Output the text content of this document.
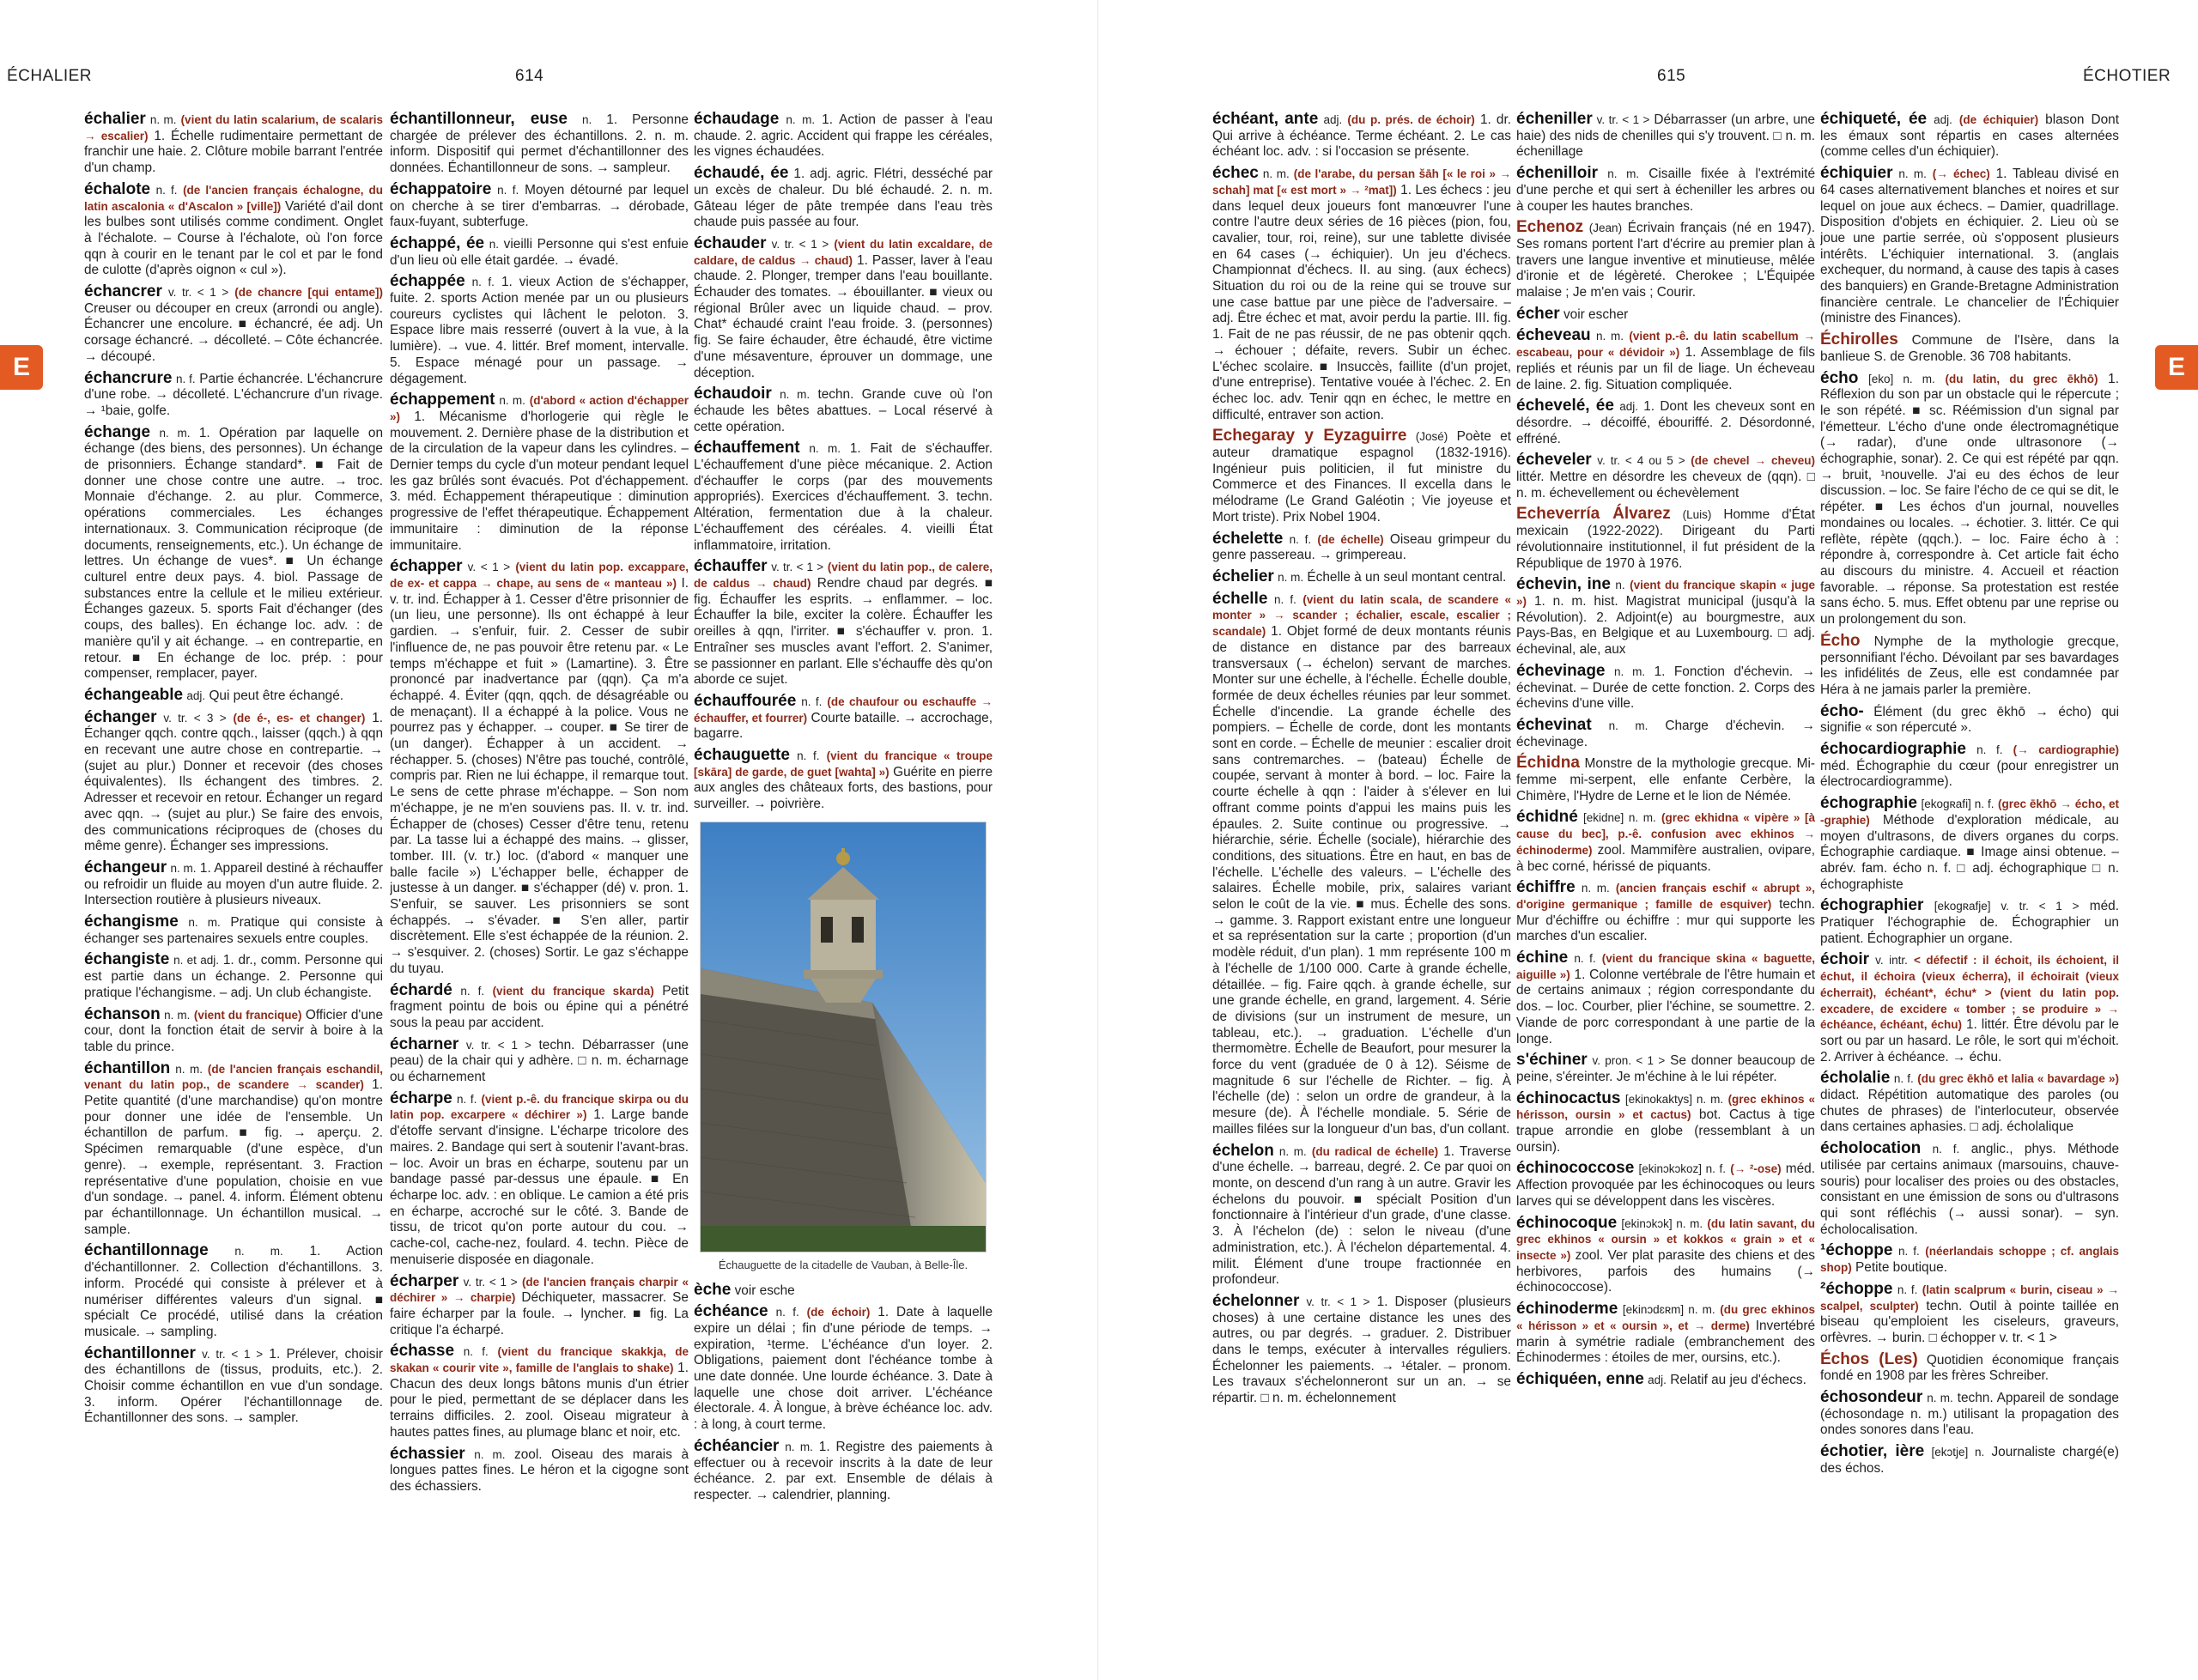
ÉCHALIER	614
E

échalier n. m. (vient du latin scalarium, de scalaris → escalier) 1. Échelle rudimentaire permettant de franchir une haie. 2. Clôture mobile barrant l'entrée d'un champ.

échalote n. f. (de l'ancien français échalogne, du latin ascalonia « d'Ascalon » [ville]) Variété d'ail dont les bulbes sont utilisés comme condiment. Onglet à l'échalote. – Course à l'échalote, où l'on force qqn à courir en le tenant par le col et par le fond de culotte (d'après oignon « cul »).

échancrer v. tr. < 1 > (de chancre [qui entame]) Creuser ou découper en creux (arrondi ou angle). Échancrer une encolure. ■ échancré, ée adj. Un corsage échancré. → décolleté. – Côte échancrée. → découpé.

échancrure n. f. Partie échancrée. L'échancrure d'une robe. → décolleté. L'échancrure d'un rivage. → ¹baie, golfe.

échange n. m. 1. Opération par laquelle on échange (des biens, des personnes). Un échange de prisonniers. Échange standard*. ■ Fait de donner une chose contre une autre. → troc. Monnaie d'échange. 2. au plur. Commerce, opérations commerciales. Les échanges internationaux. 3. Communication réciproque (de documents, renseignements, etc.). Un échange de lettres. Un échange de vues*. ■ Un échange culturel entre deux pays. 4. biol. Passage de substances entre la cellule et le milieu extérieur. Échanges gazeux. 5. sports Fait d'échanger (des coups, des balles). En échange loc. adv. : de manière qu'il y ait échange. → en contrepartie, en retour. ■ En échange de loc. prép. : pour compenser, remplacer, payer.

échangeable adj. Qui peut être échangé.

échanger v. tr. < 3 > (de é-, es- et changer) 1. Échanger qqch. contre qqch., laisser (qqch.) à qqn en recevant une autre chose en contrepartie. → (sujet au plur.) Donner et recevoir (des choses équivalentes). Ils échangent des timbres. 2. Adresser et recevoir en retour. Échanger un regard avec qqn. → (sujet au plur.) Se faire des envois, des communications réciproques de (choses du même genre). Échanger ses impressions.

échangeur n. m. 1. Appareil destiné à réchauffer ou refroidir un fluide au moyen d'un autre fluide. 2. Intersection routière à plusieurs niveaux.

échangisme n. m. Pratique qui consiste à échanger ses partenaires sexuels entre couples.

échangiste n. et adj. 1. dr., comm. Personne qui est partie dans un échange. 2. Personne qui pratique l'échangisme. – adj. Un club échangiste.

échanson n. m. (vient du francique) Officier d'une cour, dont la fonction était de servir à boire à la table du prince.

échantillon n. m. (de l'ancien français eschandil, venant du latin pop., de scandere → scander) 1. Petite quantité (d'une marchandise) qu'on montre pour donner une idée de l'ensemble. Un échantillon de parfum. ■ fig. → aperçu. 2. Spécimen remarquable (d'une espèce, d'un genre). → exemple, représentant. 3. Fraction représentative d'une population, choisie en vue d'un sondage. → panel. 4. inform. Élément obtenu par échantillonnage. Un échantillon musical. → sample.

échantillonnage n. m. 1. Action d'échantillonner. 2. Collection d'échantillons. 3. inform. Procédé qui consiste à prélever et à numériser différentes valeurs d'un signal. ■ spécialt Ce procédé, utilisé dans la création musicale. → sampling.

échantillonner v. tr. < 1 > 1. Prélever, choisir des échantillons de (tissus, produits, etc.). 2. Choisir comme échantillon en vue d'un sondage. 3. inform. Opérer l'échantillonnage de. Échantillonner des sons. → sampler.

échantillonneur, euse n. 1. Personne chargée de prélever des échantillons. 2. n. m. inform. Dispositif qui permet d'échantillonner des données. Échantillonneur de sons. → sampleur.

échappatoire n. f. Moyen détourné par lequel on cherche à se tirer d'embarras. → dérobade, faux-fuyant, subterfuge.

échappé, ée n. vieilli Personne qui s'est enfuie d'un lieu où elle était gardée. → évadé.

échappée n. f. 1. vieux Action de s'échapper, fuite. 2. sports Action menée par un ou plusieurs coureurs cyclistes qui lâchent le peloton. 3. Espace libre mais resserré (ouvert à la vue, à la lumière). → vue. 4. littér. Bref moment, intervalle. 5. Espace ménagé pour un passage. → dégagement.

échappement n. m. (d'abord « action d'échapper ») 1. Mécanisme d'horlogerie qui règle le mouvement. 2. Dernière phase de la distribution et de la circulation de la vapeur dans les cylindres. – Dernier temps du cycle d'un moteur pendant lequel les gaz brûlés sont évacués. Pot d'échappement. 3. méd. Échappement thérapeutique : diminution progressive de l'effet thérapeutique. Échappement immunitaire : diminution de la réponse immunitaire.

échapper v. < 1 > (vient du latin pop. excappare, de ex- et cappa → chape, au sens de « manteau ») I. v. tr. ind. Échapper à 1. Cesser d'être prisonnier de (un lieu, une personne). Ils ont échappé à leur gardien. → s'enfuir, fuir. 2. Cesser de subir l'influence de, ne pas pouvoir être retenu par. « Le temps m'échappe et fuit » (Lamartine). 3. Être prononcé par inadvertance par (qqn). Ça m'a échappé. 4. Éviter (qqn, qqch. de désagréable ou de menaçant). Il a échappé à la police. Vous ne pourrez pas y échapper. → couper. ■ Se tirer de (un danger). Échapper à un accident. → réchapper. 5. (choses) N'être pas touché, contrôlé, compris par. Rien ne lui échappe, il remarque tout. Le sens de cette phrase m'échappe. – Son nom m'échappe, je ne m'en souviens pas. II. v. tr. ind. Échapper de (choses) Cesser d'être tenu, retenu par. La tasse lui a échappé des mains. → glisser, tomber. III. (v. tr.) loc. (d'abord « manquer une balle facile ») L'échapper belle, échapper de justesse à un danger. ■ s'échapper (dé) v. pron. 1. S'enfuir, se sauver. Les prisonniers se sont échappés. → s'évader. ■ S'en aller, partir discrètement. Elle s'est échappée de la réunion. 2. → s'esquiver. 2. (choses) Sortir. Le gaz s'échappe du tuyau.

échardé n. f. (vient du francique skarda) Petit fragment pointu de bois ou épine qui a pénétré sous la peau par accident.

écharner v. tr. < 1 > techn. Débarrasser (une peau) de la chair qui y adhère. □ n. m. écharnage ou écharnement

écharpe n. f. (vient p.-ê. du francique skirpa ou du latin pop. excarpere « déchirer ») 1. Large bande d'étoffe servant d'insigne. L'écharpe tricolore des maires. 2. Bandage qui sert à soutenir l'avant-bras. – loc. Avoir un bras en écharpe, soutenu par un bandage passé par-dessus une épaule. ■ En écharpe loc. adv. : en oblique. Le camion a été pris en écharpe, accroché sur le côté. 3. Bande de tissu, de tricot qu'on porte autour du cou. → cache-col, cache-nez, foulard. 4. techn. Pièce de menuiserie disposée en diagonale.

écharper v. tr. < 1 > (de l'ancien français charpir « déchirer » → charpie) Déchiqueter, massacrer. Se faire écharper par la foule. → lyncher. ■ fig. La critique l'a écharpé.

échasse n. f. (vient du francique skakkja, de skakan « courir vite », famille de l'anglais to shake) 1. Chacun des deux longs bâtons munis d'un étrier pour le pied, permettant de se déplacer dans les terrains difficiles. 2. zool. Oiseau migrateur à hautes pattes fines, au plumage blanc et noir, etc.

échassier n. m. zool. Oiseau des marais à longues pattes fines. Le héron et la cigogne sont des échassiers.

échaudage n. m. 1. Action de passer à l'eau chaude. 2. agric. Accident qui frappe les céréales, les vignes échaudées.

échaudé, ée 1. adj. agric. Flétri, desséché par un excès de chaleur. Du blé échaudé. 2. n. m. Gâteau léger de pâte trempée dans l'eau très chaude puis passée au four.

échauder v. tr. < 1 > (vient du latin excaldare, de caldare, de caldus → chaud) 1. Passer, laver à l'eau chaude. 2. Plonger, tremper dans l'eau bouillante. Échauder des tomates. → ébouillanter. ■ vieux ou régional Brûler avec un liquide chaud. – prov. Chat* échaudé craint l'eau froide. 3. (personnes) fig. Se faire échauder, être échaudé, être victime d'une mésaventure, éprouver un dommage, une déception.

échaudoir n. m. techn. Grande cuve où l'on échaude les bêtes abattues. – Local réservé à cette opération.

échauffement n. m. 1. Fait de s'échauffer. L'échauffement d'une pièce mécanique. 2. Action d'échauffer le corps (par des mouvements appropriés). Exercices d'échauffement. 3. techn. Altération, fermentation due à la chaleur. L'échauffement des céréales. 4. vieilli État inflammatoire, irritation.

échauffer v. tr. < 1 > (vient du latin pop., de calere, de caldus → chaud) Rendre chaud par degrés. ■ fig. Échauffer les esprits. → enflammer. – loc. Échauffer la bile, exciter la colère. Échauffer les oreilles à qqn, l'irriter. ■ s'échauffer v. pron. 1. Entraîner ses muscles avant l'effort. 2. S'animer, se passionner en parlant. Elle s'échauffe dès qu'on aborde ce sujet.

échauffourée n. f. (de chaufour ou eschauffe → échauffer, et fourrer) Courte bataille. → accrochage, bagarre.

échauguette n. f. (vient du francique « troupe [skāra] de garde, de guet [wahta] ») Guérite en pierre aux angles des châteaux forts, des bastions, pour surveiller. → poivrière.

Échauguette de la citadelle de Vauban, à Belle-Île.

èche voir esche

échéance n. f. (de échoir) 1. Date à laquelle expire un délai ; fin d'une période de temps. → expiration, ¹terme. L'échéance d'un loyer. 2. Obligations, paiement dont l'échéance tombe à une date donnée. Une lourde échéance. 3. Date à laquelle une chose doit arriver. L'échéance électorale. 4. À longue, à brève échéance loc. adv. : à long, à court terme.

échéancier n. m. 1. Registre des paiements à effectuer ou à recevoir inscrits à la date de leur échéance. 2. par ext. Ensemble de délais à respecter. → calendrier, planning.

615	ÉCHOTIER
E

échéant, ante adj. (du p. prés. de échoir) 1. dr. Qui arrive à échéance. Terme échéant. 2. Le cas échéant loc. adv. : si l'occasion se présente.

échec n. m. (de l'arabe, du persan šāh [« le roi » → schah] mat [« est mort » → ²mat]) 1. Les échecs : jeu dans lequel deux joueurs font manœuvrer l'une contre l'autre deux séries de 16 pièces (pion, fou, cavalier, tour, roi, reine), sur une tablette divisée en 64 cases (→ échiquier). Un jeu d'échecs. Championnat d'échecs. II. au sing. (aux échecs) Situation du roi ou de la reine qui se trouve sur une case battue par une pièce de l'adversaire. – adj. Être échec et mat, avoir perdu la partie. III. fig. 1. Fait de ne pas réussir, de ne pas obtenir qqch. → échouer ; défaite, revers. Subir un échec. L'échec scolaire. ■ Insuccès, faillite (d'un projet, d'une entreprise). Tentative vouée à l'échec. 2. En échec loc. adv. Tenir qqn en échec, le mettre en difficulté, entraver son action.

Echegaray y Eyzaguirre (José) Poète et auteur dramatique espagnol (1832-1916). Ingénieur puis politicien, il fut ministre du Commerce et des Finances. Il excella dans le mélodrame (Le Grand Galéotin ; Vie joyeuse et Mort triste). Prix Nobel 1904.

échelette n. f. (de échelle) Oiseau grimpeur du genre passereau. → grimpereau.

échelier n. m. Échelle à un seul montant central.

échelle n. f. (vient du latin scala, de scandere « monter » → scander ; échalier, escale, escalier ; scandale) 1. Objet formé de deux montants réunis de distance en distance par des barreaux transversaux (→ échelon) servant de marches. Monter sur une échelle, à l'échelle. Échelle double, formée de deux échelles réunies par leur sommet. Échelle d'incendie. La grande échelle des pompiers. – Échelle de corde, dont les montants sont en corde. – Échelle de meunier : escalier droit sans contremarches. – (bateau) Échelle de coupée, servant à monter à bord. – loc. Faire la courte échelle à qqn : l'aider à s'élever en lui offrant comme points d'appui les mains puis les épaules. 2. Suite continue ou progressive. → hiérarchie, série. Échelle (sociale), hiérarchie des conditions, des situations. Être en haut, en bas de l'échelle. L'échelle des valeurs. – L'échelle des salaires. Échelle mobile, prix, salaires variant selon le coût de la vie. ■ mus. Échelle des sons. → gamme. 3. Rapport existant entre une longueur et sa représentation sur la carte ; proportion (d'un modèle réduit, d'un plan). 1 mm représente 100 m à l'échelle de 1/100 000. Carte à grande échelle, détaillée. – fig. Faire qqch. à grande échelle, sur une grande échelle, en grand, largement. 4. Série de divisions (sur un instrument de mesure, un tableau, etc.). → graduation. L'échelle d'un thermomètre. Échelle de Beaufort, pour mesurer la force du vent (graduée de 0 à 12). Séisme de magnitude 6 sur l'échelle de Richter. – fig. À l'échelle (de) : selon un ordre de grandeur, à la mesure (de). À l'échelle mondiale. 5. Série de mailles filées sur la longueur d'un bas, d'un collant.

échelon n. m. (du radical de échelle) 1. Traverse d'une échelle. → barreau, degré. 2. Ce par quoi on monte, on descend d'un rang à un autre. Gravir les échelons du pouvoir. ■ spécialt Position d'un fonctionnaire à l'intérieur d'un grade, d'une classe. 3. À l'échelon (de) : selon le niveau (d'une administration, etc.). À l'échelon départemental. 4. milit. Élément d'une troupe fractionnée en profondeur.

échelonner v. tr. < 1 > 1. Disposer (plusieurs choses) à une certaine distance les unes des autres, ou par degrés. → graduer. 2. Distribuer dans le temps, exécuter à intervalles réguliers. Échelonner les paiements. → ¹étaler. – pronom. Les travaux s'échelonneront sur un an. → se répartir. □ n. m. échelonnement

écheniller v. tr. < 1 > Débarrasser (un arbre, une haie) des nids de chenilles qui s'y trouvent. □ n. m. échenillage

échenilloir n. m. Cisaille fixée à l'extrémité d'une perche et qui sert à écheniller les arbres ou à couper les hautes branches.

Echenoz (Jean) Écrivain français (né en 1947). Ses romans portent l'art d'écrire au premier plan à travers une langue inventive et minutieuse, mêlée d'ironie et de légèreté. Cherokee ; L'Équipée malaise ; Je m'en vais ; Courir.

écher voir escher

écheveau n. m. (vient p.-ê. du latin scabellum → escabeau, pour « dévidoir ») 1. Assemblage de fils repliés et réunis par un fil de liage. Un écheveau de laine. 2. fig. Situation compliquée.

échevelé, ée adj. 1. Dont les cheveux sont en désordre. → décoiffé, ébouriffé. 2. Désordonné, effréné.

écheveler v. tr. < 4 ou 5 > (de chevel → cheveu) littér. Mettre en désordre les cheveux de (qqn). □ n. m. échevellement ou échevèlement

Echeverría Álvarez (Luis) Homme d'État mexicain (1922-2022). Dirigeant du Parti révolutionnaire institutionnel, il fut président de la République de 1970 à 1976.

échevin, ine n. (vient du francique skapin « juge ») 1. n. m. hist. Magistrat municipal (jusqu'à la Révolution). 2. Adjoint(e) au bourgmestre, aux Pays-Bas, en Belgique et au Luxembourg. □ adj. échevinal, ale, aux

échevinage n. m. 1. Fonction d'échevin. → échevinat. – Durée de cette fonction. 2. Corps des échevins d'une ville.

échevinat n. m. Charge d'échevin. → échevinage.

Échidna Monstre de la mythologie grecque. Mi-femme mi-serpent, elle enfante Cerbère, la Chimère, l'Hydre de Lerne et le lion de Némée.

échidné [ekidne] n. m. (grec ekhidna « vipère » [à cause du bec], p.-ê. confusion avec ekhinos → échinoderme) zool. Mammifère australien, ovipare, à bec corné, hérissé de piquants.

échiffre n. m. (ancien français eschif « abrupt », d'origine germanique ; famille de esquiver) techn. Mur d'échiffre ou échiffre : mur qui supporte les marches d'un escalier.

échine n. f. (vient du francique skina « baguette, aiguille ») 1. Colonne vertébrale de l'être humain et de certains animaux ; région correspondante du dos. – loc. Courber, plier l'échine, se soumettre. 2. Viande de porc correspondant à une partie de la longe.

s'échiner v. pron. < 1 > Se donner beaucoup de peine, s'éreinter. Je m'échine à le lui répéter.

échinocactus [ekinokaktys] n. m. (grec ekhinos « hérisson, oursin » et cactus) bot. Cactus à tige trapue arrondie en globe (ressemblant à un oursin).

échinococcose [ekinɔkɔkoz] n. f. (→ ²-ose) méd. Affection provoquée par les échinocoques ou leurs larves qui se développent dans les viscères.

échinocoque [ekinɔkɔk] n. m. (du latin savant, du grec ekhinos « oursin » et kokkos « grain » et « insecte ») zool. Ver plat parasite des chiens et des herbivores, parfois des humains (→ échinococcose).

échinoderme [ekinɔdɛʀm] n. m. (du grec ekhinos « hérisson » et « oursin », et → derme) Invertébré marin à symétrie radiale (embranchement des Échinodermes : étoiles de mer, oursins, etc.).

échiquéen, enne adj. Relatif au jeu d'échecs.

échiqueté, ée adj. (de échiquier) blason Dont les émaux sont répartis en cases alternées (comme celles d'un échiquier).

échiquier n. m. (→ échec) 1. Tableau divisé en 64 cases alternativement blanches et noires et sur lequel on joue aux échecs. – Damier, quadrillage. Disposition d'objets en échiquier. 2. Lieu où se joue une partie serrée, où s'opposent plusieurs intérêts. L'échiquier international. 3. (anglais exchequer, du normand, à cause des tapis à cases des banquiers) en Grande-Bretagne Administration financière centrale. Le chancelier de l'Échiquier (ministre des Finances).

Échirolles Commune de l'Isère, dans la banlieue S. de Grenoble. 36 708 habitants.

écho [eko] n. m. (du latin, du grec ēkhō) 1. Réflexion du son par un obstacle qui le répercute ; le son répété. ■ sc. Réémission d'un signal par l'émetteur. L'écho d'une onde électromagnétique (→ radar), d'une onde ultrasonore (→ échographie, sonar). 2. Ce qui est répété par qqn. → bruit, ¹nouvelle. J'ai eu des échos de leur discussion. – loc. Se faire l'écho de ce qui se dit, le répéter. ■ Les échos d'un journal, nouvelles mondaines ou locales. → échotier. 3. littér. Ce qui reflète, répète (qqch.). – loc. Faire écho à : répondre à, correspondre à. Cet article fait écho au discours du ministre. 4. Accueil et réaction favorable. → réponse. Sa protestation est restée sans écho. 5. mus. Effet obtenu par une reprise ou un prolongement du son.

Écho Nymphe de la mythologie grecque, personnifiant l'écho. Dévoilant par ses bavardages les infidélités de Zeus, elle est condamnée par Héra à ne jamais parler la première.

écho- Élément (du grec ēkhō → écho) qui signifie « son répercuté ».

échocardiographie n. f. (→ cardiographie) méd. Échographie du cœur (pour enregistrer un électrocardiogramme).

échographie [ekogʀafi] n. f. (grec ēkhō → écho, et -graphie) Méthode d'exploration médicale, au moyen d'ultrasons, de divers organes du corps. Échographie cardiaque. ■ Image ainsi obtenue. – abrév. fam. écho n. f. □ adj. échographique □ n. échographiste

échographier [ekogʀafje] v. tr. < 1 > méd. Pratiquer l'échographie de. Échographier un patient. Échographier un organe.

échoir v. intr. < défectif : il échoit, ils échoient, il échut, il échoira (vieux écherra), il échoirait (vieux écherrait), échéant*, échu* > (vient du latin pop. excadere, de excidere « tomber ; se produire » → échéance, échéant, échu) 1. littér. Être dévolu par le sort ou par un hasard. Le rôle, le sort qui m'échoit. 2. Arriver à échéance. → échu.

écholalie n. f. (du grec ēkhō et lalia « bavardage ») didact. Répétition automatique des paroles (ou chutes de phrases) de l'interlocuteur, observée dans certaines aphasies. □ adj. écholalique

écholocation n. f. anglic., phys. Méthode utilisée par certains animaux (marsouins, chauve-souris) pour localiser des proies ou des obstacles, consistant en une émission de sons ou d'ultrasons qui sont réfléchis (→ aussi sonar). – syn. écholocalisation.

¹échoppe n. f. (néerlandais schoppe ; cf. anglais shop) Petite boutique.

²échoppe n. f. (latin scalprum « burin, ciseau » → scalpel, sculpter) techn. Outil à pointe taillée en biseau qu'emploient les ciseleurs, graveurs, orfèvres. → burin. □ échopper v. tr. < 1 >

Échos (Les) Quotidien économique français fondé en 1908 par les frères Schreiber.

échosondeur n. m. techn. Appareil de sondage (échosondage n. m.) utilisant la propagation des ondes sonores dans l'eau.

échotier, ière [ekɔtje] n. Journaliste chargé(e) des échos.
